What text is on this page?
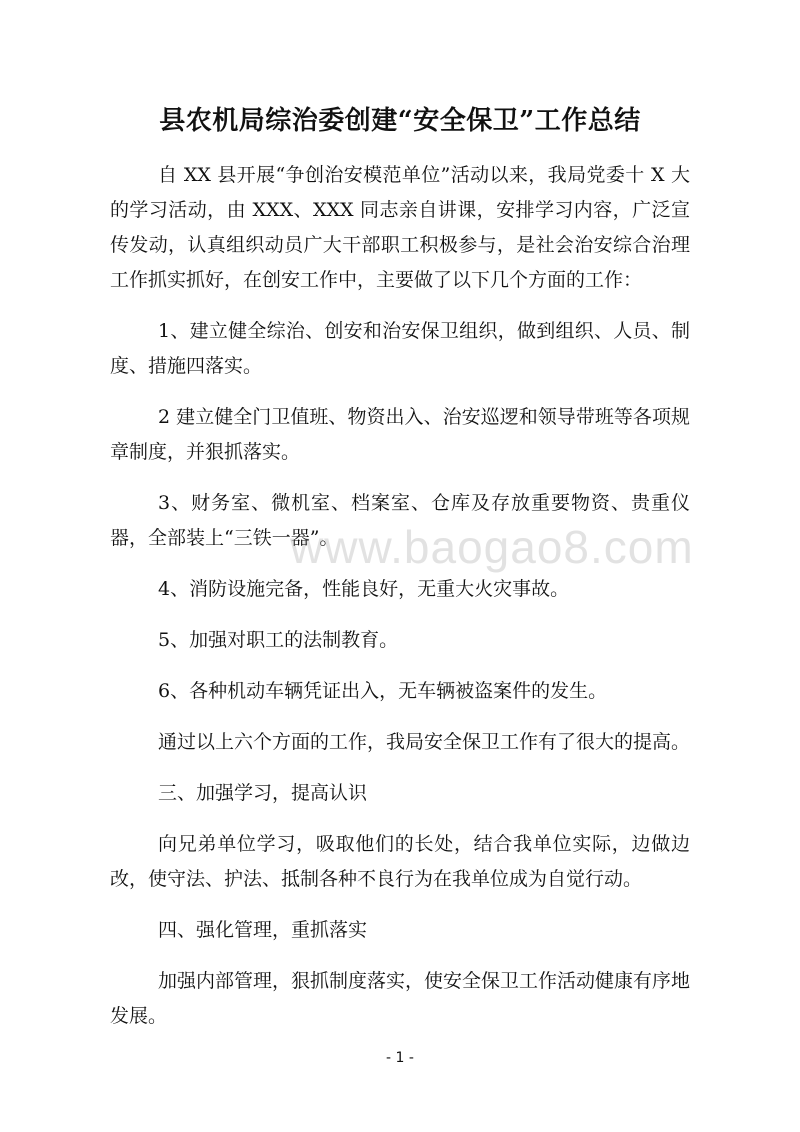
县农机局综治委创建“安全保卫”工作总结

自 XX 县开展“争创治安模范单位”活动以来，我局党委十 X 大的学习活动，由 XXX、XXX 同志亲自讲课，安排学习内容，广泛宣传发动，认真组织动员广大干部职工积极参与，是社会治安综合治理工作抓实抓好，在创安工作中，主要做了以下几个方面的工作：

1、建立健全综治、创安和治安保卫组织，做到组织、人员、制度、措施四落实。

2 建立健全门卫值班、物资出入、治安巡逻和领导带班等各项规章制度，并狠抓落实。

3、财务室、微机室、档案室、仓库及存放重要物资、贵重仪器，全部装上“三铁一器”。

4、消防设施完备，性能良好，无重大火灾事故。

5、加强对职工的法制教育。

6、各种机动车辆凭证出入，无车辆被盗案件的发生。

通过以上六个方面的工作，我局安全保卫工作有了很大的提高。

三、加强学习，提高认识

向兄弟单位学习，吸取他们的长处，结合我单位实际，边做边改，使守法、护法、抵制各种不良行为在我单位成为自觉行动。

四、强化管理，重抓落实

加强内部管理，狠抓制度落实，使安全保卫工作活动健康有序地发展。

www.baogao8.com
- 1 -
